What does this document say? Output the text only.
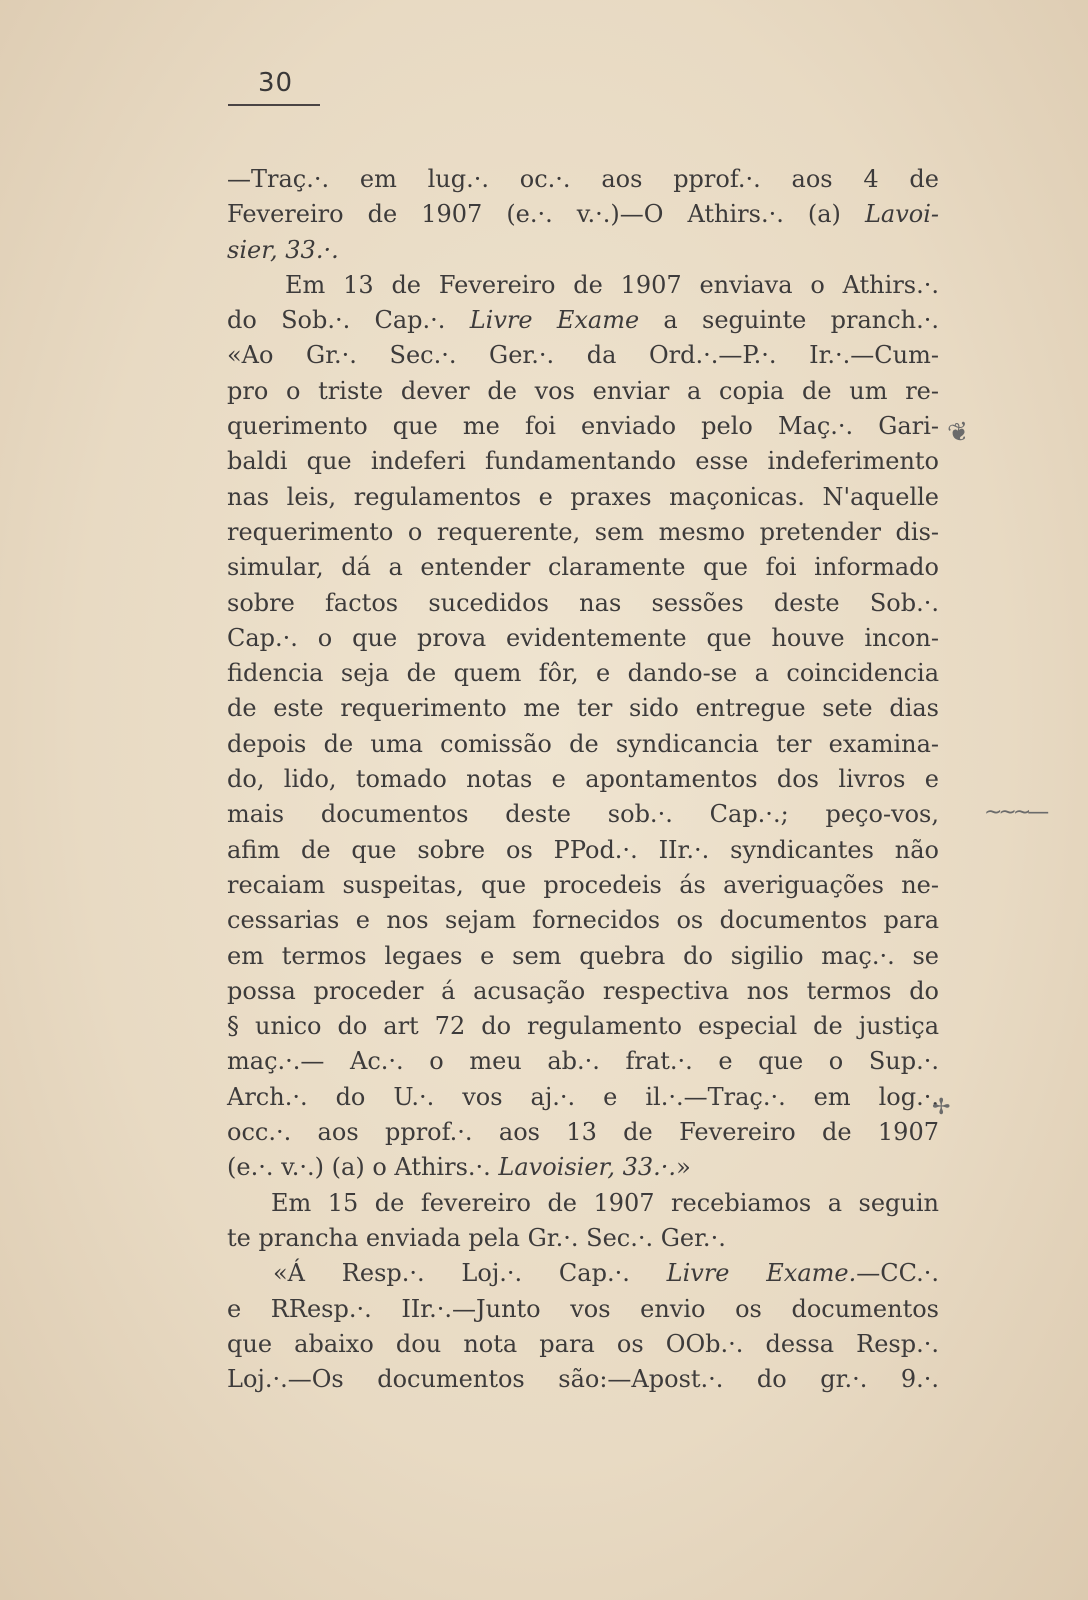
30
—Traç.·. em lug.·. oc.·. aos pprof.·. aos 4 de
Fevereiro de 1907 (e.·. v.·.)—O Athirs.·. (a) Lavoi-
sier, 33.·.
Em 13 de Fevereiro de 1907 enviava o Athirs.·.
do Sob.·. Cap.·. Livre Exame a seguinte pranch.·.
«Ao Gr.·. Sec.·. Ger.·. da Ord.·.—P.·. Ir.·.—Cum-
pro o triste dever de vos enviar a copia de um re-
querimento que me foi enviado pelo Maç.·. Gari-
baldi que indeferi fundamentando esse indeferimento
nas leis, regulamentos e praxes maçonicas. N'aquelle
requerimento o requerente, sem mesmo pretender dis-
simular, dá a entender claramente que foi informado
sobre factos sucedidos nas sessões deste Sob.·.
Cap.·. o que prova evidentemente que houve incon-
fidencia seja de quem fôr, e dando-se a coincidencia
de este requerimento me ter sido entregue sete dias
depois de uma comissão de syndicancia ter examina-
do, lido, tomado notas e apontamentos dos livros e
mais documentos deste sob.·. Cap.·.; peço-vos,
afim de que sobre os PPod.·. IIr.·. syndicantes não
recaiam suspeitas, que procedeis ás averiguações ne-
cessarias e nos sejam fornecidos os documentos para
em termos legaes e sem quebra do sigilio maç.·. se
possa proceder á acusação respectiva nos termos do
§ unico do art 72 do regulamento especial de justiça
maç.·.— Ac.·. o meu ab.·. frat.·. e que o Sup.·.
Arch.·. do U.·. vos aj.·. e il.·.—Traç.·. em log.·.
occ.·. aos pprof.·. aos 13 de Fevereiro de 1907
(e.·. v.·.) (a) o Athirs.·. Lavoisier, 33.·.»
Em 15 de fevereiro de 1907 recebiamos a seguin
te prancha enviada pela Gr.·. Sec.·. Ger.·.
«Á Resp.·. Loj.·. Cap.·. Livre Exame.—CC.·.
e RResp.·. IIr.·.—Junto vos envio os documentos
que abaixo dou nota para os OOb.·. dessa Resp.·.
Loj.·.—Os documentos são:—Apost.·. do gr.·. 9.·.
❦
~~~—
✢
